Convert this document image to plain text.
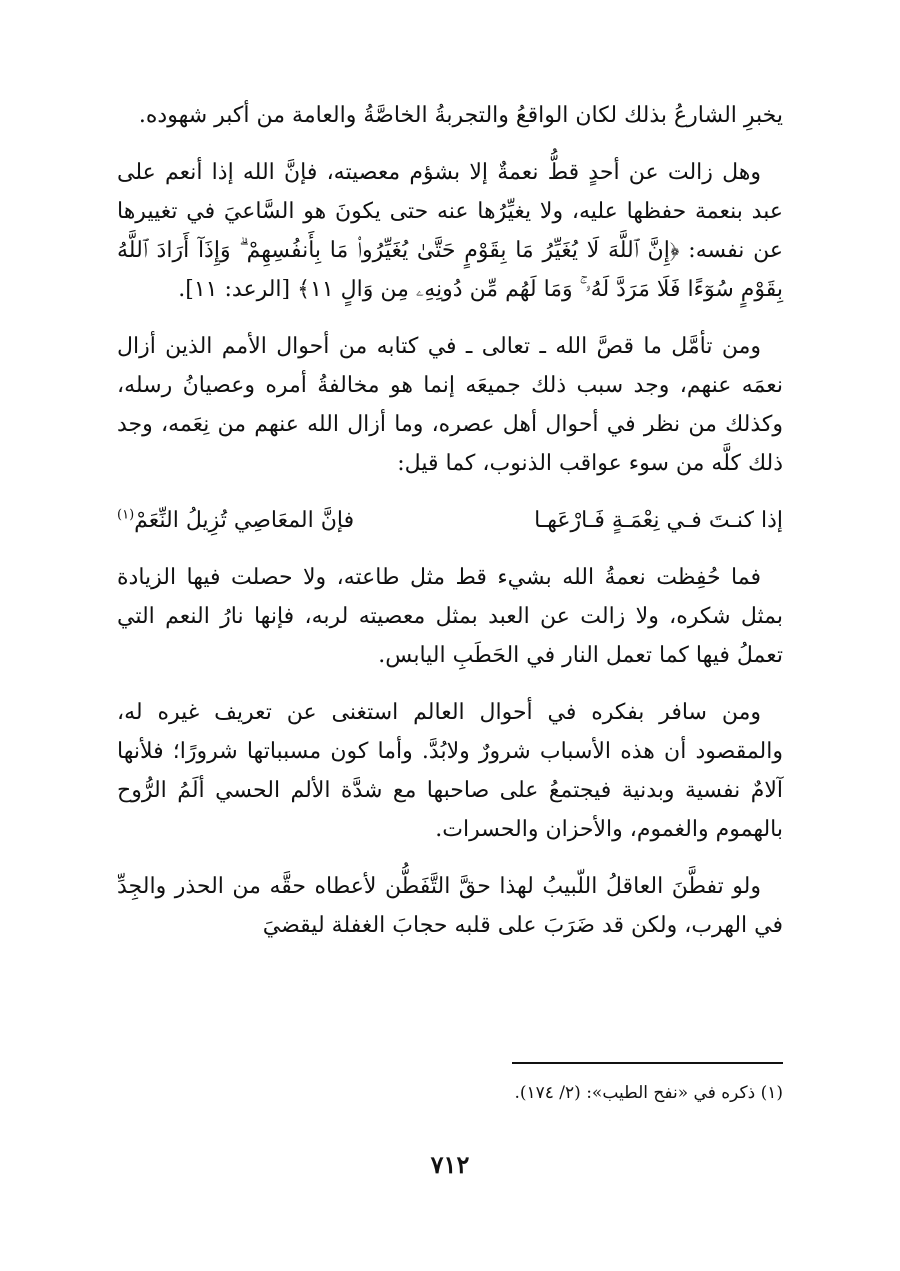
يخبرِ الشارعُ بذلك لكان الواقعُ والتجربةُ الخاصَّةُ والعامة من أكبر شهوده.

وهل زالت عن أحدٍ قطُّ نعمةٌ إلا بشؤم معصيته، فإنَّ الله إذا أنعم على عبد بنعمة حفظها عليه، ولا يغيِّرُها عنه حتى يكونَ هو السَّاعيَ في تغييرها عن نفسه: ﴿إِنَّ ٱللَّهَ لَا يُغَيِّرُ مَا بِقَوْمٍ حَتَّىٰ يُغَيِّرُوا۟ مَا بِأَنفُسِهِمْ ۗ وَإِذَآ أَرَادَ ٱللَّهُ بِقَوْمٍ سُوٓءًا فَلَا مَرَدَّ لَهُۥ ۚ وَمَا لَهُم مِّن دُونِهِۦ مِن وَالٍ ١١﴾ [الرعد: ١١].

ومن تأمَّل ما قصَّ الله ـ تعالى ـ في كتابه من أحوال الأمم الذين أزال نعمَه عنهم، وجد سبب ذلك جميعَه إنما هو مخالفةُ أمره وعصيانُ رسله، وكذلك من نظر في أحوال أهل عصره، وما أزال الله عنهم من نِعَمه، وجد ذلك كلَّه من سوء عواقب الذنوب، كما قيل:

إذا كنـتَ فـي نِعْمَـةٍ فَـارْعَهـا
فإنَّ المعَاصِي تُزِيلُ النِّعَمْ$^{(١)}$

فما حُفِظت نعمةُ الله بشيء قط مثل طاعته، ولا حصلت فيها الزيادة بمثل شكره، ولا زالت عن العبد بمثل معصيته لربه، فإنها نارُ النعم التي تعملُ فيها كما تعمل النار في الحَطَبِ اليابس.

ومن سافر بفكره في أحوال العالم استغنى عن تعريف غيره له، والمقصود أن هذه الأسباب شرورٌ ولابُدَّ. وأما كون مسبباتها شرورًا؛ فلأنها آلامٌ نفسية وبدنية فيجتمعُ على صاحبها مع شدَّة الألم الحسي ألَمُ الرُّوح بالهموم والغموم، والأحزان والحسرات.

ولو تفطَّنَ العاقلُ اللّبيبُ لهذا حقَّ التَّفَطُّن لأعطاه حقَّه من الحذر والجِدِّ في الهرب، ولكن قد ضَرَبَ على قلبه حجابَ الغفلة ليقضيَ

(١) ذكره في «نفح الطيب»: (٢/ ١٧٤).
٧١٢
